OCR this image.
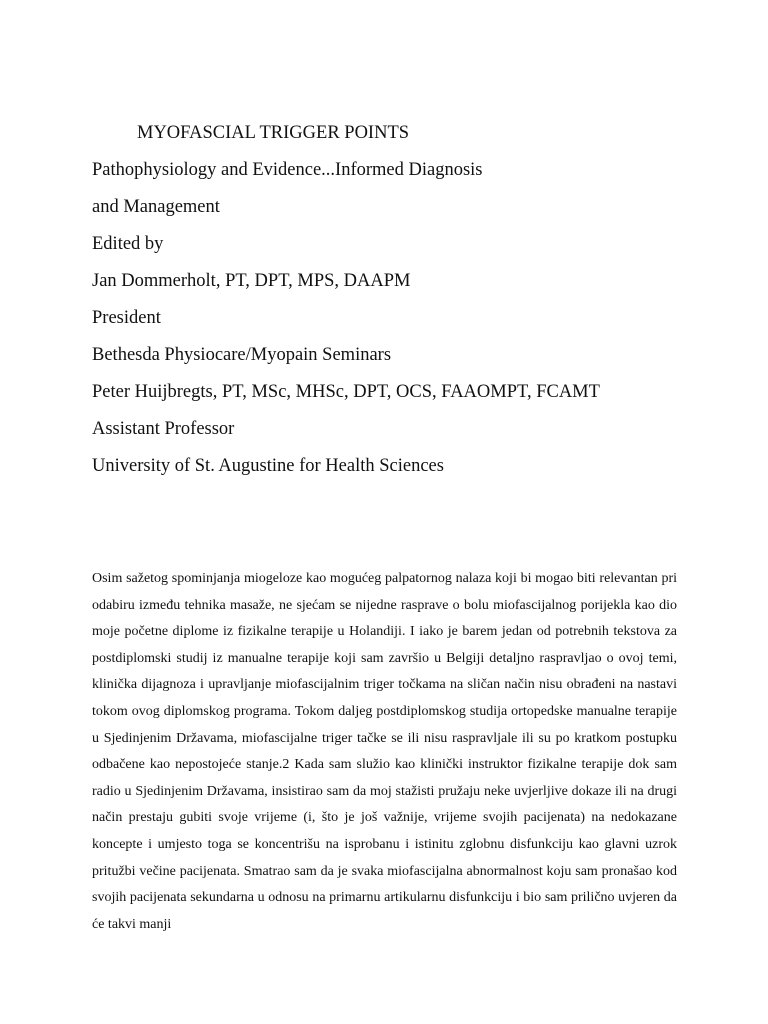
MYOFASCIAL TRIGGER POINTS

Pathophysiology and Evidence...Informed Diagnosis

and Management

Edited by

Jan Dommerholt, PT, DPT, MPS, DAAPM

President

Bethesda Physiocare/Myopain Seminars

Peter Huijbregts, PT, MSc, MHSc, DPT, OCS, FAAOMPT, FCAMT

Assistant Professor

University of St. Augustine for Health Sciences

Osim sažetog spominjanja miogeloze kao mogućeg palpatornog nalaza koji bi mogao biti relevantan pri odabiru između tehnika masaže, ne sjećam se nijedne rasprave o bolu miofascijalnog porijekla kao dio moje početne diplome iz fizikalne terapije u Holandiji. I iako je barem jedan od potrebnih tekstova za postdiplomski studij iz manualne terapije koji sam završio u Belgiji detaljno raspravljao o ovoj temi, klinička dijagnoza i upravljanje miofascijalnim triger točkama na sličan način nisu obrađeni na nastavi tokom ovog diplomskog programa. Tokom daljeg postdiplomskog studija ortopedske manualne terapije u Sjedinjenim Državama, miofascijalne triger tačke se ili nisu raspravljale ili su po kratkom postupku odbačene kao nepostojeće stanje.2 Kada sam služio kao klinički instruktor fizikalne terapije dok sam radio u Sjedinjenim Državama, insistirao sam da moj stažisti pružaju neke uvjerljive dokaze ili na drugi način prestaju gubiti svoje vrijeme (i, što je još važnije, vrijeme svojih pacijenata) na nedokazane koncepte i umjesto toga se koncentrišu na isprobanu i istinitu zglobnu disfunkciju kao glavni uzrok pritužbi večine pacijenata. Smatrao sam da je svaka miofascijalna abnormalnost koju sam pronašao kod svojih pacijenata sekundarna u odnosu na primarnu artikularnu disfunkciju i bio sam prilično uvjeren da će takvi manji
